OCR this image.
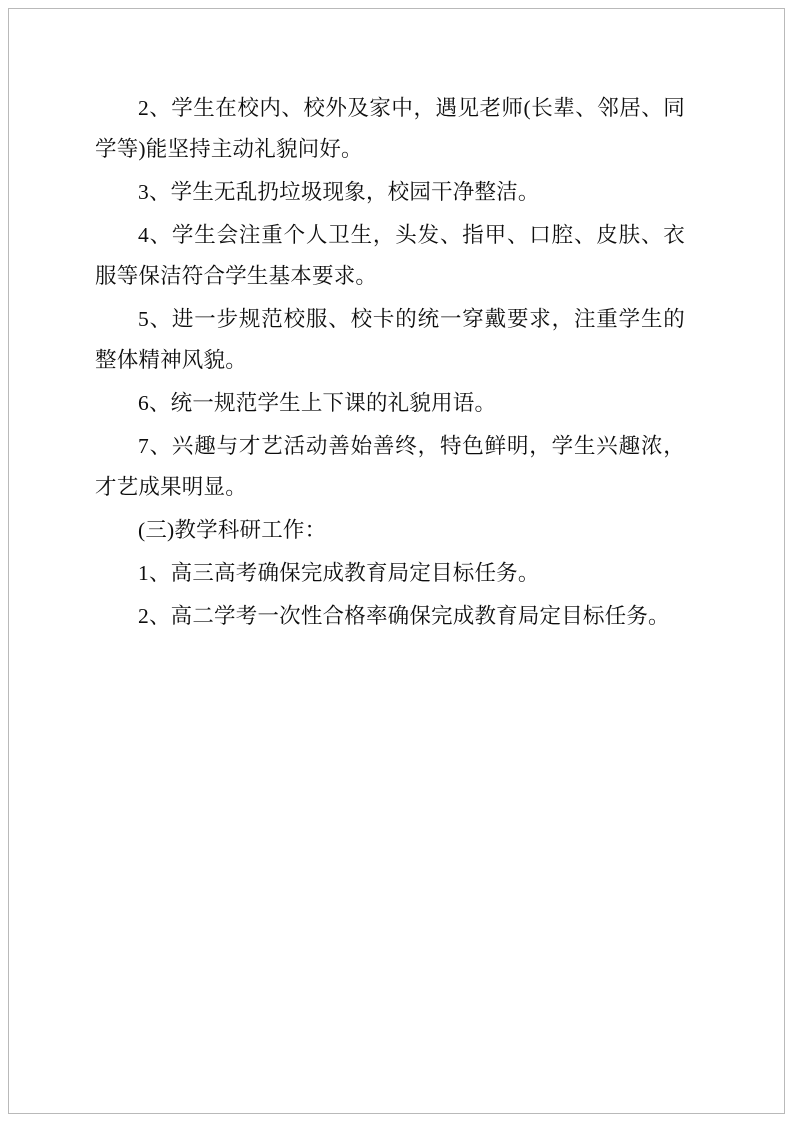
2、学生在校内、校外及家中，遇见老师(长辈、邻居、同学等)能坚持主动礼貌问好。

3、学生无乱扔垃圾现象，校园干净整洁。

4、学生会注重个人卫生，头发、指甲、口腔、皮肤、衣服等保洁符合学生基本要求。

5、进一步规范校服、校卡的统一穿戴要求，注重学生的整体精神风貌。

6、统一规范学生上下课的礼貌用语。

7、兴趣与才艺活动善始善终，特色鲜明，学生兴趣浓，才艺成果明显。

(三)教学科研工作：

1、高三高考确保完成教育局定目标任务。

2、高二学考一次性合格率确保完成教育局定目标任务。
